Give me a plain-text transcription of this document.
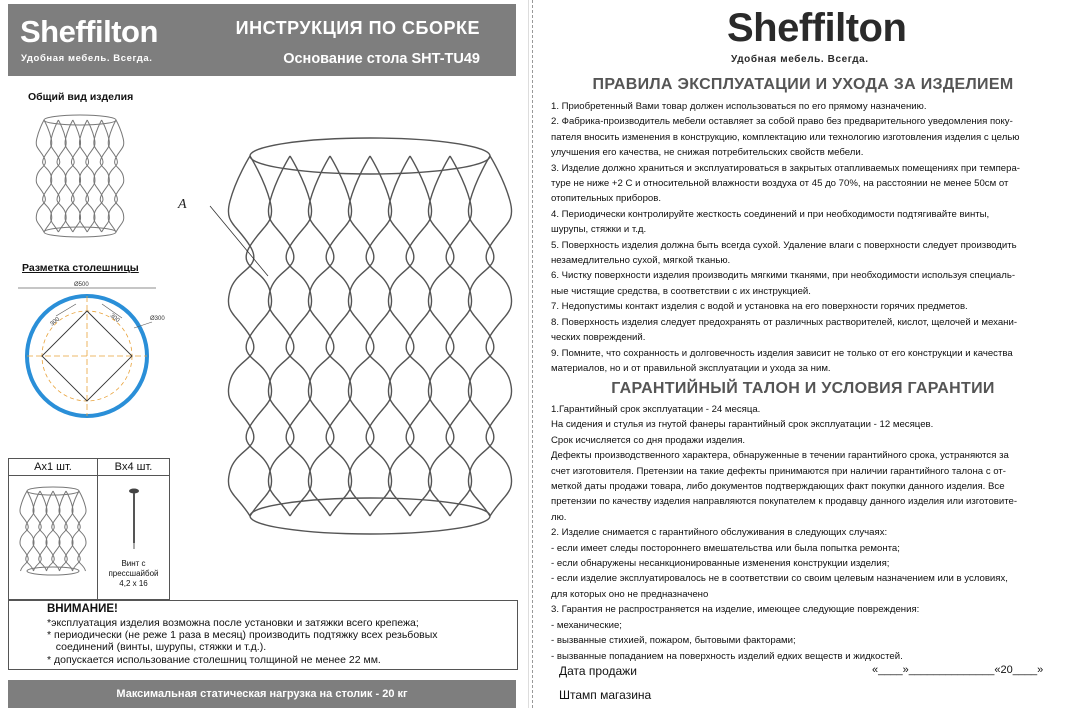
Sheffilton
Удобная мебель. Всегда.
ИНСТРУКЦИЯ ПО СБОРКЕ
Основание стола SHT-TU49
Общий вид изделия
Разметка столешницы
Ø500
300	300	Ø300
A
Ax1 шт.	Bx4 шт.
Винт с прессшайбой
4,2 x 16
ВНИМАНИЕ!
*эксплуатация изделия возможна после установки и затяжки всего крепежа;
* периодически (не реже 1 раза в месяц) производить подтяжку всех резьбовых
соединений (винты, шурупы, стяжки и т.д.).
* допускается использование столешниц толщиной не менее 22 мм.
Максимальная статическая нагрузка на столик - 20 кг
Sheffilton
Удобная мебель. Всегда.
ПРАВИЛА ЭКСПЛУАТАЦИИ И УХОДА ЗА ИЗДЕЛИЕМ
1. Приобретенный Вами товар должен использоваться по его прямому назначению.
2. Фабрика-производитель мебели оставляет за собой право без предварительного уведомления поку-
пателя вносить изменения в конструкцию, комплектацию или технологию изготовления изделия с целью
улучшения его качества, не снижая потребительских свойств мебели.
3. Изделие должно храниться и эксплуатироваться в закрытых отапливаемых помещениях при темпера-
туре не ниже +2 С и относительной влажности воздуха от 45 до 70%, на расстоянии не менее 50см от
отопительных приборов.
4. Периодически контролируйте жесткость соединений и при необходимости подтягивайте винты,
шурупы, стяжки и т.д.
5. Поверхность изделия должна быть всегда сухой. Удаление влаги с поверхности следует производить
незамедлительно сухой, мягкой тканью.
6. Чистку поверхности изделия производить мягкими тканями, при необходимости используя специаль-
ные чистящие средства, в соответствии с их инструкцией.
7. Недопустимы контакт изделия с водой и установка на его поверхности горячих предметов.
8. Поверхность изделия следует предохранять от различных растворителей, кислот, щелочей и механи-
ческих повреждений.
9. Помните, что сохранность и долговечность изделия зависит не только от его конструкции и качества
материалов, но и от правильной эксплуатации и ухода за ним.
ГАРАНТИЙНЫЙ ТАЛОН И УСЛОВИЯ ГАРАНТИИ
1.Гарантийный срок эксплуатации - 24 месяца.
На сидения и стулья из гнутой фанеры гарантийный срок эксплуатации - 12 месяцев.
Срок исчисляется со дня продажи изделия.
Дефекты производственного характера, обнаруженные в течении гарантийного срока, устраняются за
счет изготовителя. Претензии на такие дефекты принимаются при наличии гарантийного талона с от-
меткой даты продажи товара, либо документов подтверждающих факт покупки данного изделия. Все
претензии по качеству изделия направляются покупателем к продавцу данного изделия или изготовите-
лю.
2. Изделие снимается с гарантийного обслуживания в следующих случаях:
- если имеет следы постороннего вмешательства или была попытка ремонта;
- если обнаружены несанкционированные изменения конструкции изделия;
- если изделие эксплуатировалось не в соответствии со своим целевым назначением или в условиях,
для которых оно не предназначено
3. Гарантия не распространяется на изделие, имеющее следующие повреждения:
- механические;
- вызванные стихией, пожаром, бытовыми факторами;
- вызванные попаданием на поверхность изделий едких веществ и жидкостей.
Дата продажи	«____»______________«20____»
Штамп магазина
